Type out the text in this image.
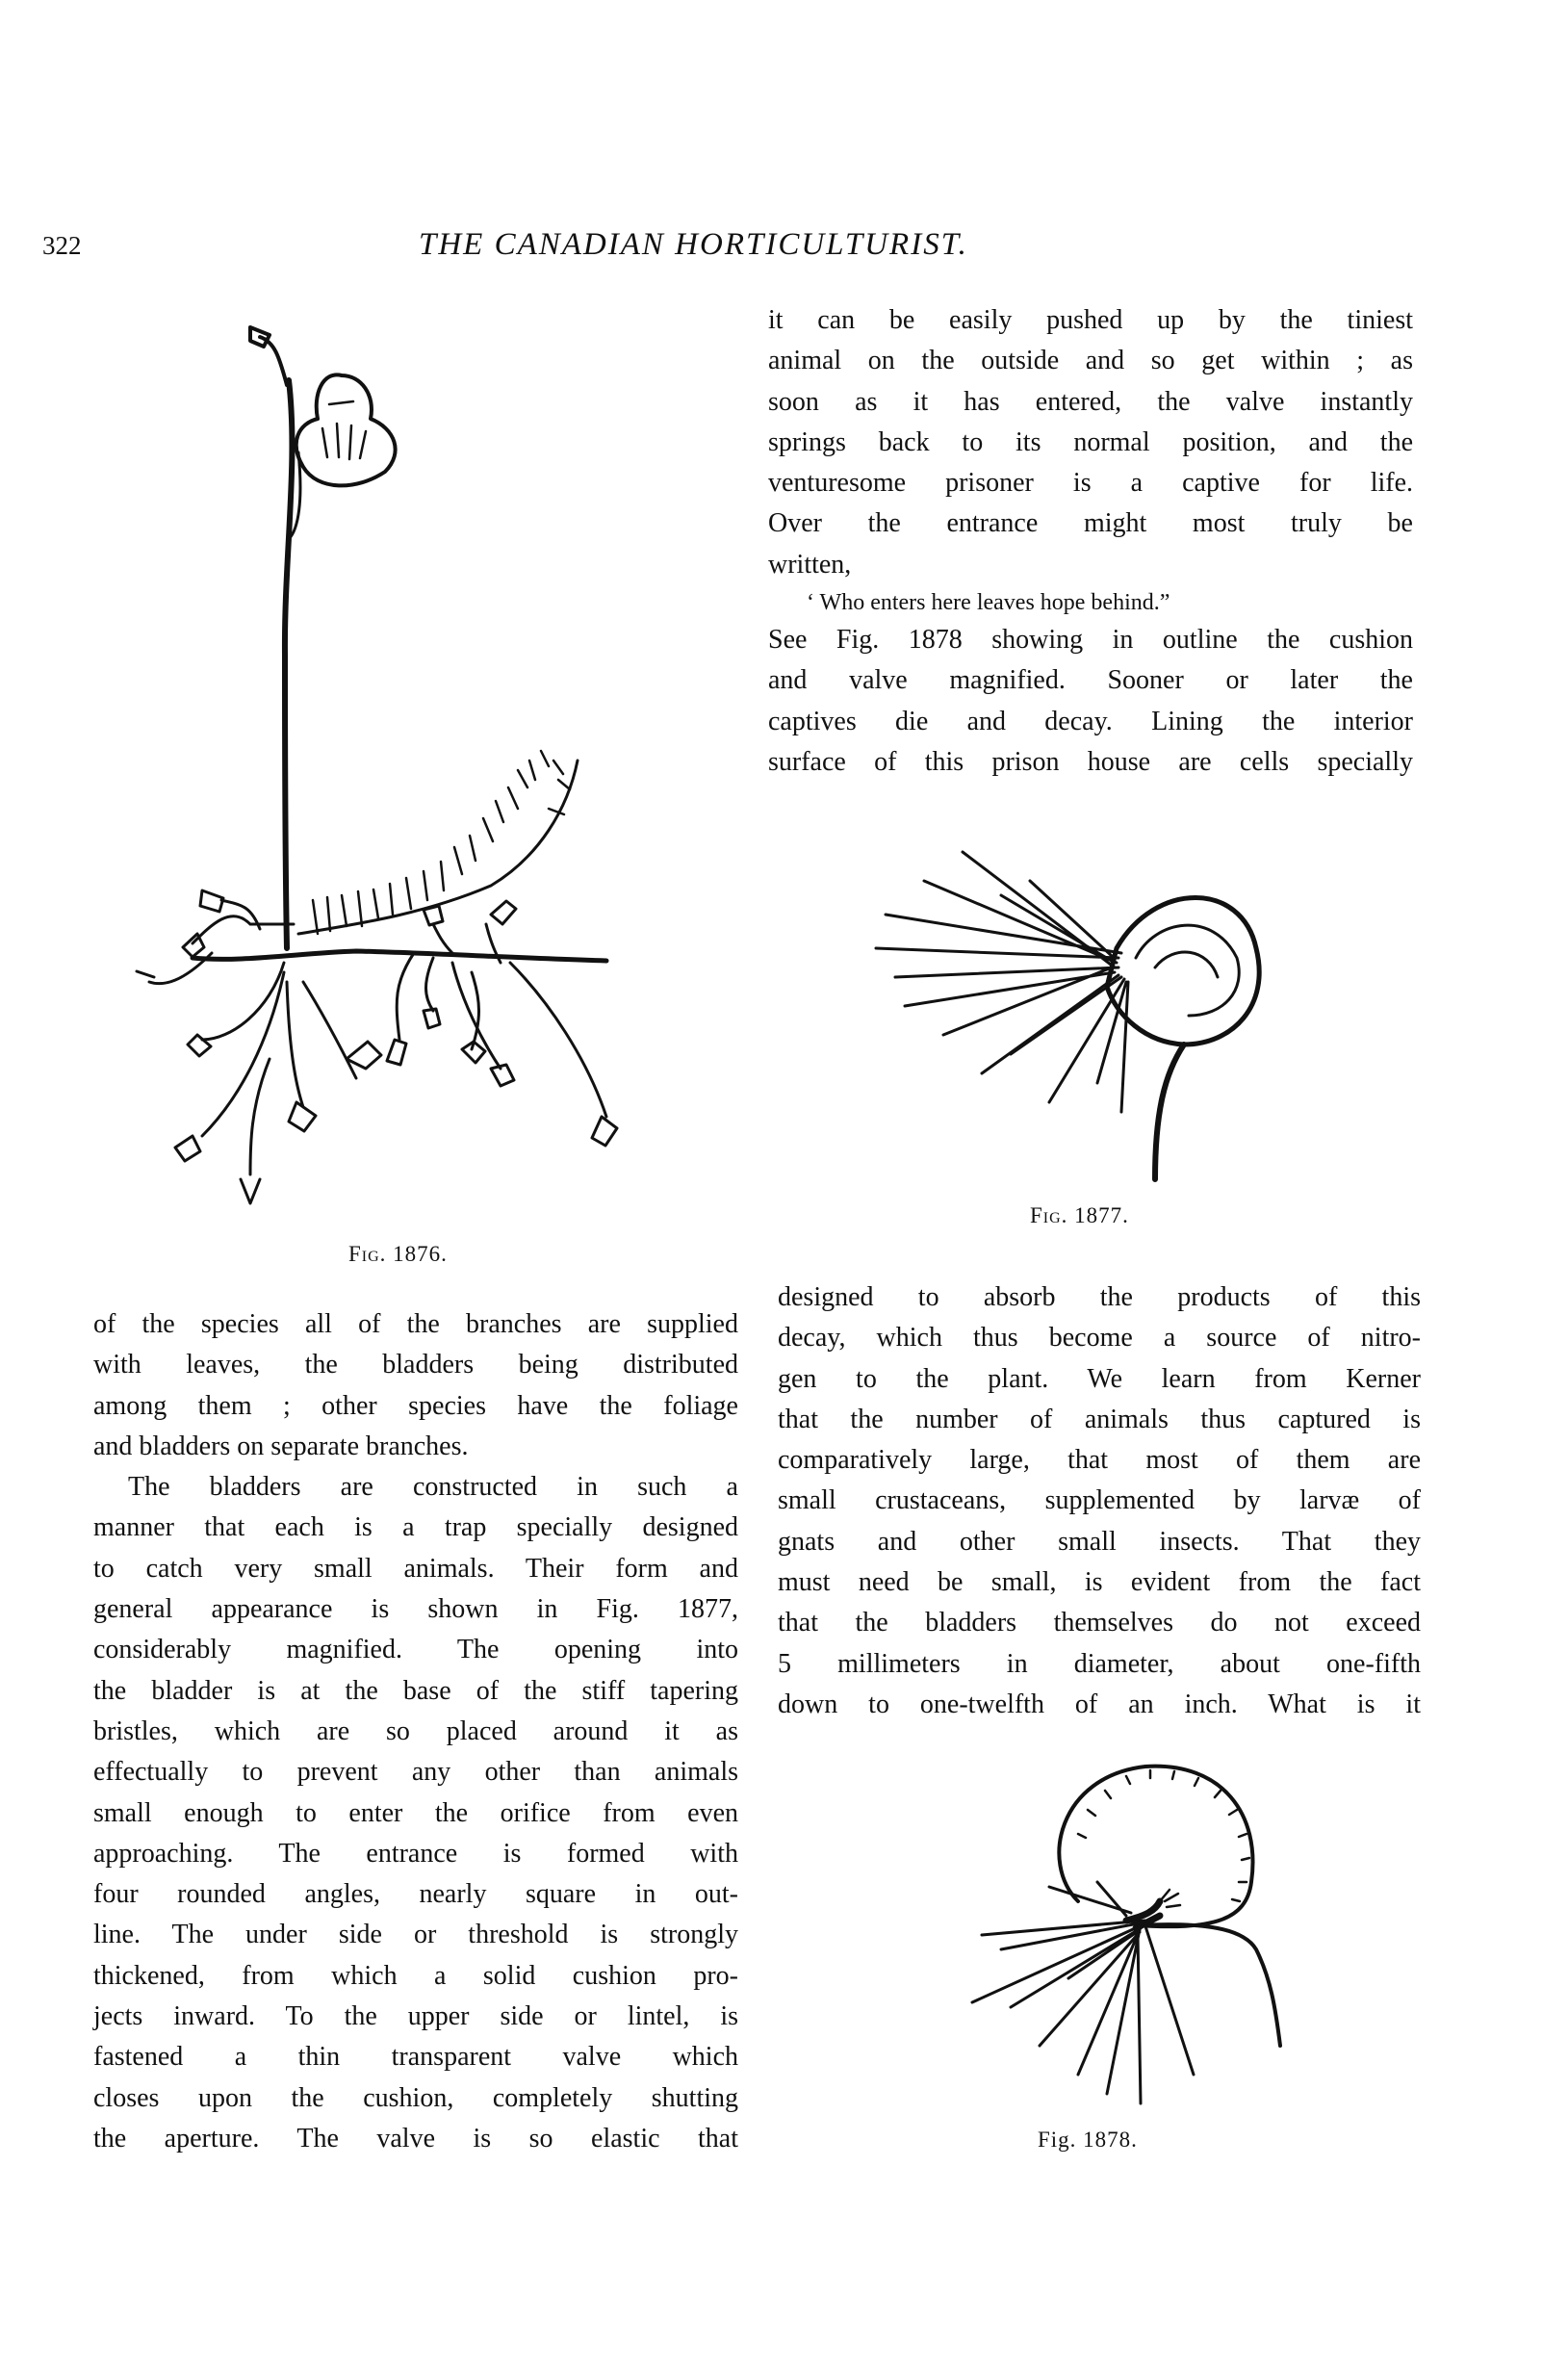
322	THE CANADIAN HORTICULTURIST.
Fig. 1876.
it can be easily pushed up by the tiniest
animal on the outside and so get within ; as
soon as it has entered, the valve instantly
springs back to its normal position, and the
venturesome prisoner is a captive for life.
Over the entrance might most truly be
written,
‘ Who enters here leaves hope behind.”
See Fig. 1878 showing in outline the cushion
and valve magnified. Sooner or later the
captives die and decay. Lining the interior
surface of this prison house are cells specially
Fig. 1877.
of the species all of the branches are supplied
with leaves, the bladders being distributed
among them ; other species have the foliage
and bladders on separate branches.
The bladders are constructed in such a
manner that each is a trap specially designed
to catch very small animals. Their form and
general appearance is shown in Fig. 1877,
considerably magnified. The opening into
the bladder is at the base of the stiff tapering
bristles, which are so placed around it as
effectually to prevent any other than animals
small enough to enter the orifice from even
approaching. The entrance is formed with
four rounded angles, nearly square in out-
line. The under side or threshold is strongly
thickened, from which a solid cushion pro-
jects inward. To the upper side or lintel, is
fastened a thin transparent valve which
closes upon the cushion, completely shutting
the aperture. The valve is so elastic that
designed to absorb the products of this
decay, which thus become a source of nitro-
gen to the plant. We learn from Kerner
that the number of animals thus captured is
comparatively large, that most of them are
small crustaceans, supplemented by larvæ of
gnats and other small insects. That they
must need be small, is evident from the fact
that the bladders themselves do not exceed
5 millimeters in diameter, about one-fifth
down to one-twelfth of an inch. What is it
Fig. 1878.
